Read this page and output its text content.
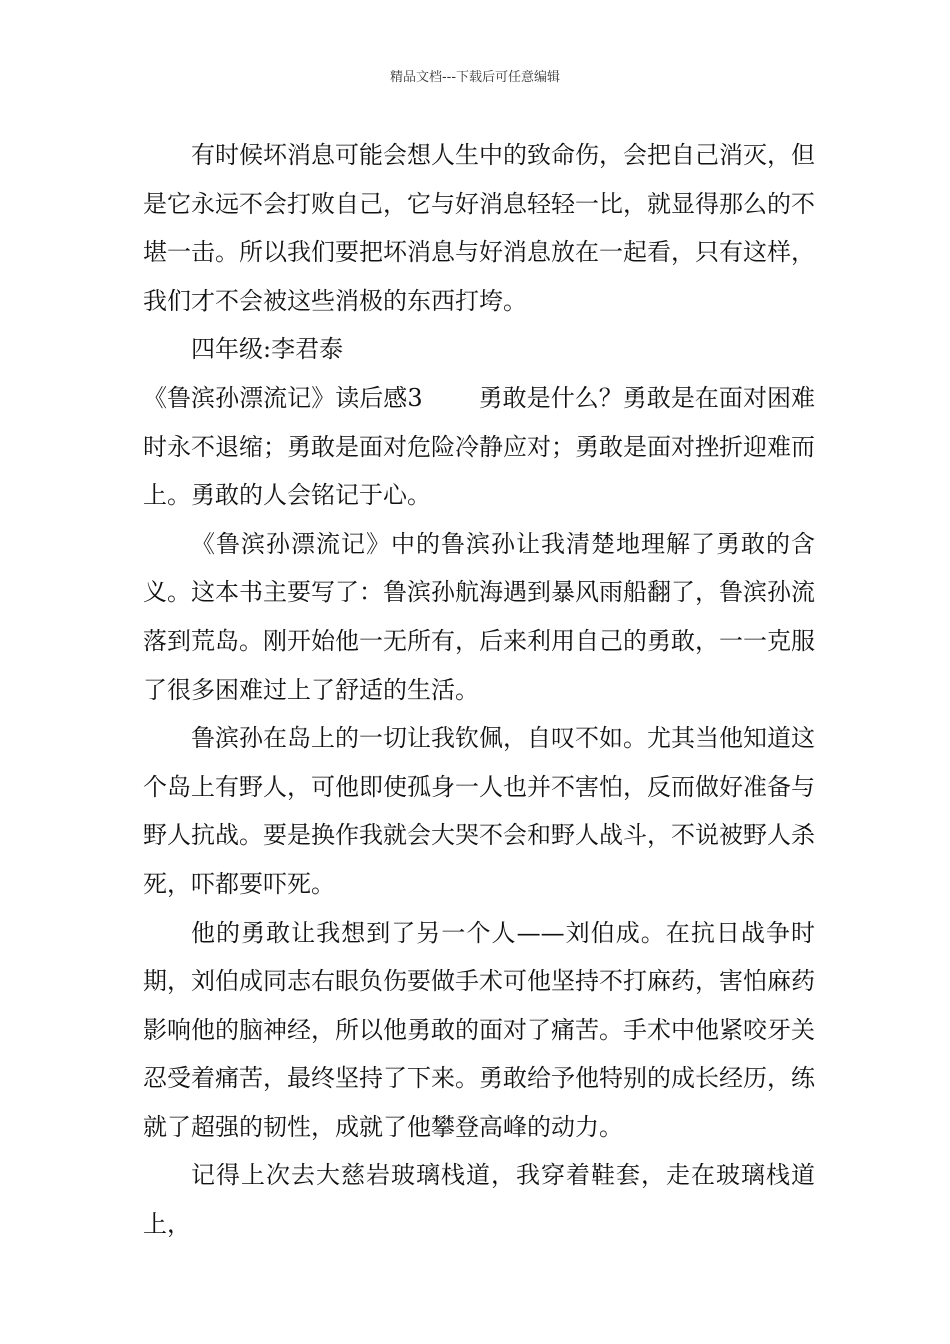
精品文档---下载后可任意编辑

有时候坏消息可能会想人生中的致命伤，会把自己消灭，但是它永远不会打败自己，它与好消息轻轻一比，就显得那么的不堪一击。所以我们要把坏消息与好消息放在一起看，只有这样，我们才不会被这些消极的东西打垮。

四年级:李君泰

《鲁滨孙漂流记》读后感3 勇敢是什么？勇敢是在面对困难时永不退缩；勇敢是面对危险冷静应对；勇敢是面对挫折迎难而上。勇敢的人会铭记于心。

《鲁滨孙漂流记》中的鲁滨孙让我清楚地理解了勇敢的含义。这本书主要写了：鲁滨孙航海遇到暴风雨船翻了，鲁滨孙流落到荒岛。刚开始他一无所有，后来利用自己的勇敢，一一克服了很多困难过上了舒适的生活。

鲁滨孙在岛上的一切让我钦佩，自叹不如。尤其当他知道这个岛上有野人，可他即使孤身一人也并不害怕，反而做好准备与野人抗战。要是换作我就会大哭不会和野人战斗，不说被野人杀死，吓都要吓死。

他的勇敢让我想到了另一个人——刘伯成。在抗日战争时期，刘伯成同志右眼负伤要做手术可他坚持不打麻药，害怕麻药影响他的脑神经，所以他勇敢的面对了痛苦。手术中他紧咬牙关忍受着痛苦，最终坚持了下来。勇敢给予他特别的成长经历，练就了超强的韧性，成就了他攀登高峰的动力。

记得上次去大慈岩玻璃栈道，我穿着鞋套，走在玻璃栈道上，
